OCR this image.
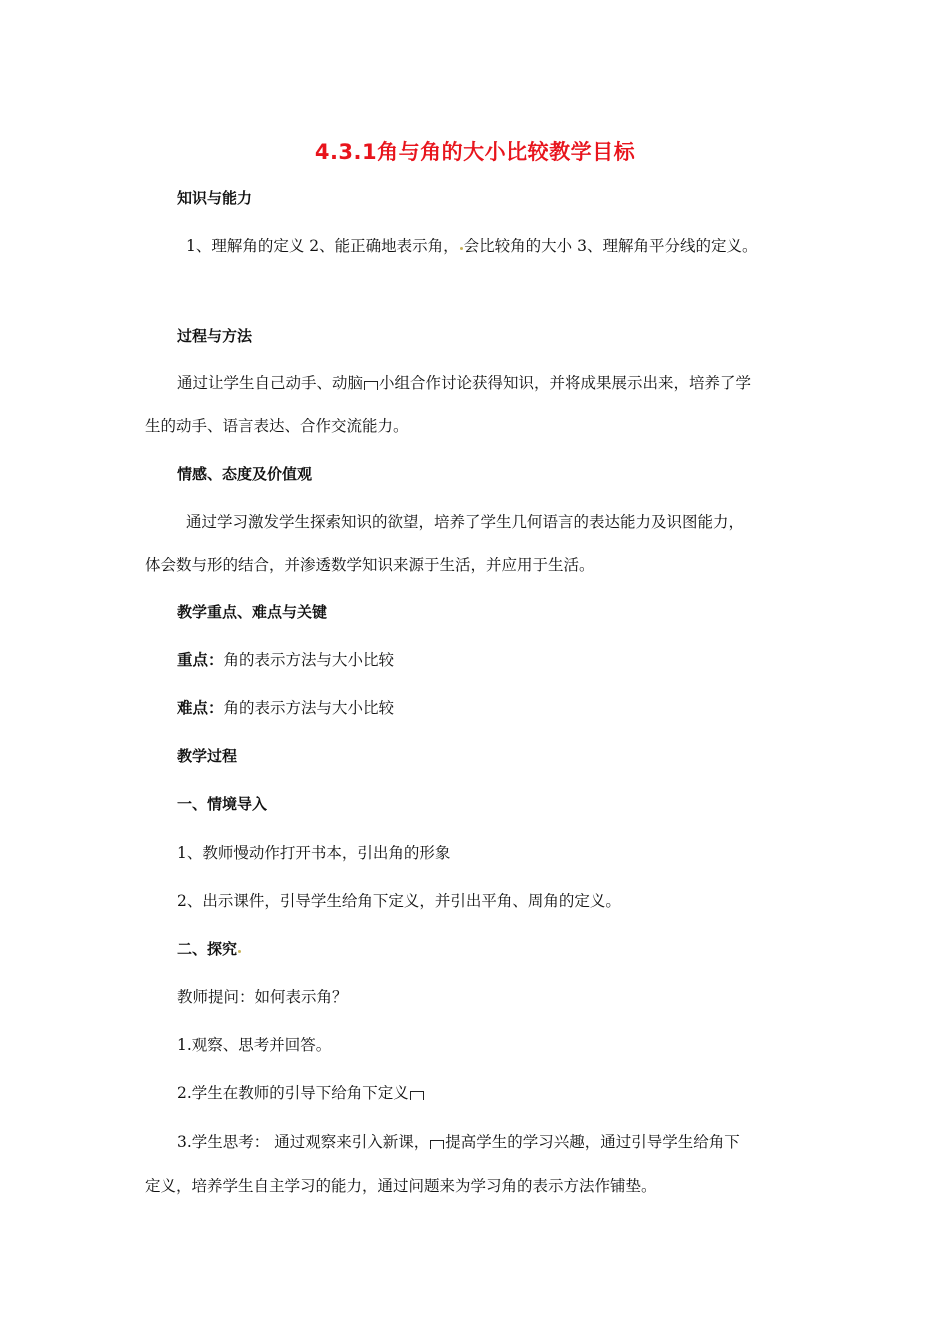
4.3.1角与角的大小比较教学目标
知识与能力
1、理解角的定义 2、能正确地表示角， 会比较角的大小 3、理解角平分线的定义。
过程与方法
通过让学生自己动手、动脑 小组合作讨论获得知识，并将成果展示出来，培养了学
生的动手、语言表达、合作交流能力。
情感、态度及价值观
通过学习激发学生探索知识的欲望，培养了学生几何语言的表达能力及识图能力，
体会数与形的结合，并渗透数学知识来源于生活，并应用于生活。
教学重点、难点与关键
重点：角的表示方法与大小比较
难点：角的表示方法与大小比较
教学过程
一、情境导入
1、教师慢动作打开书本，引出角的形象
2、出示课件，引导学生给角下定义，并引出平角、周角的定义。
二、探究
教师提问：如何表示角？
1.观察、思考并回答。
2.学生在教师的引导下给角下定义
3.学生思考： 通过观察来引入新课， 提高学生的学习兴趣，通过引导学生给角下
定义，培养学生自主学习的能力，通过问题来为学习角的表示方法作铺垫。
